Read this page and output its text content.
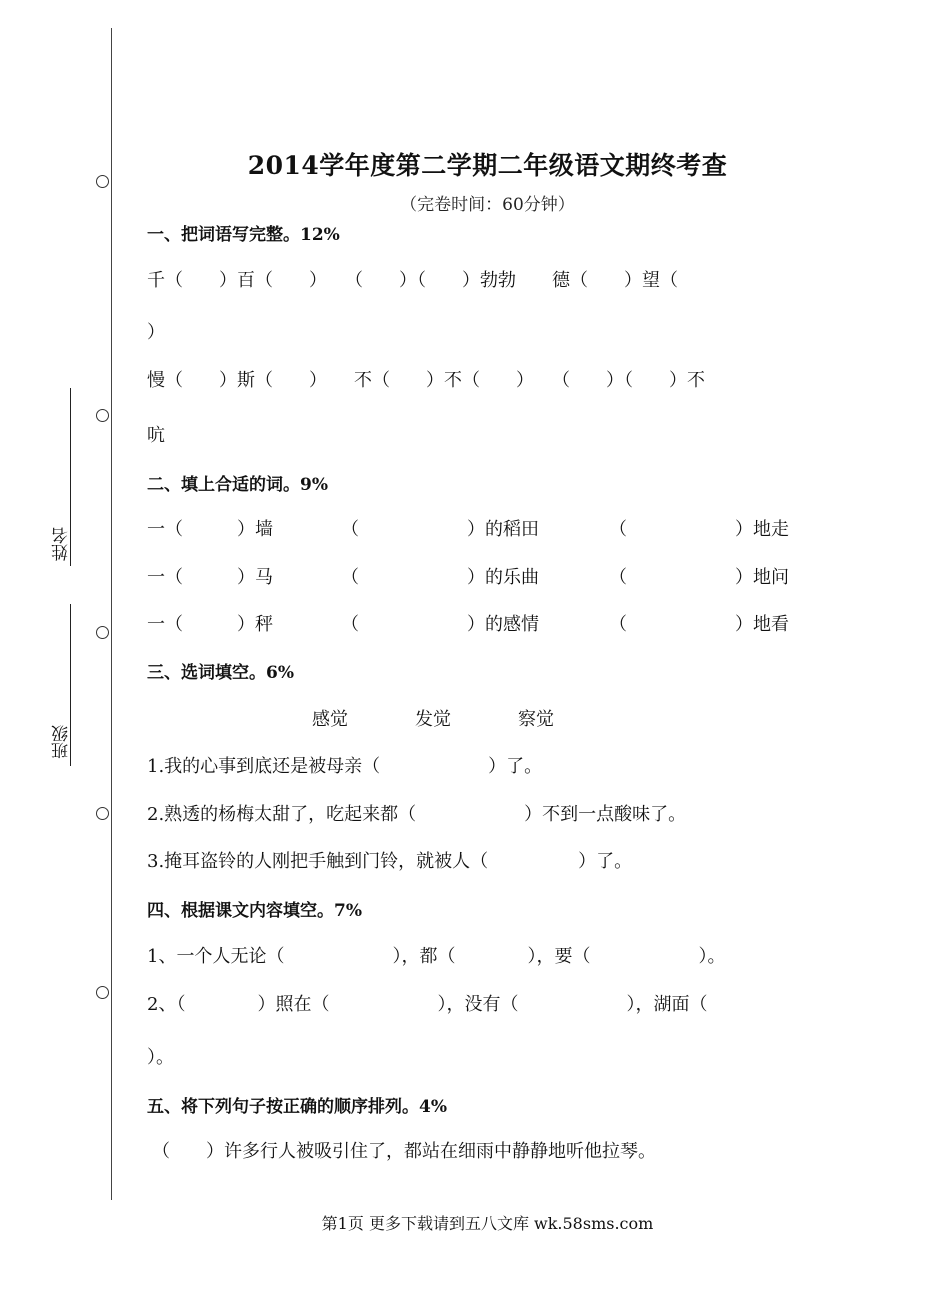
姓名
班级
2014学年度第二学期二年级语文期终考查
（完卷时间：60分钟）
一、把词语写完整。12%
千（　　）百（　　）　　（　　）（　　）勃勃　　德（　　）望（
）
慢（　　）斯（　　）　　不（　　）不（　　）　　（　　）（　　）不
吭
二、填上合适的词。9%
一（　　　）墙	（　　　　　　）的稻田	（　　　　　　）地走
一（　　　）马	（　　　　　　）的乐曲	（　　　　　　）地问
一（　　　）秤	（　　　　　　）的感情	（　　　　　　）地看
三、选词填空。6%
感觉	发觉	察觉
1.我的心事到底还是被母亲（　　　　　　）了。
2.熟透的杨梅太甜了，吃起来都（　　　　　　）不到一点酸味了。
3.掩耳盗铃的人刚把手触到门铃，就被人（　　　　　）了。
四、根据课文内容填空。7%
1、一个人无论（　　　　　　），都（　　　　），要（　　　　　　）。
2、（　　　　）照在（　　　　　　），没有（　　　　　　），湖面（
）。
五、将下列句子按正确的顺序排列。4%
（　　）许多行人被吸引住了，都站在细雨中静静地听他拉琴。
第1页 更多下载请到五八文库 wk.58sms.com
